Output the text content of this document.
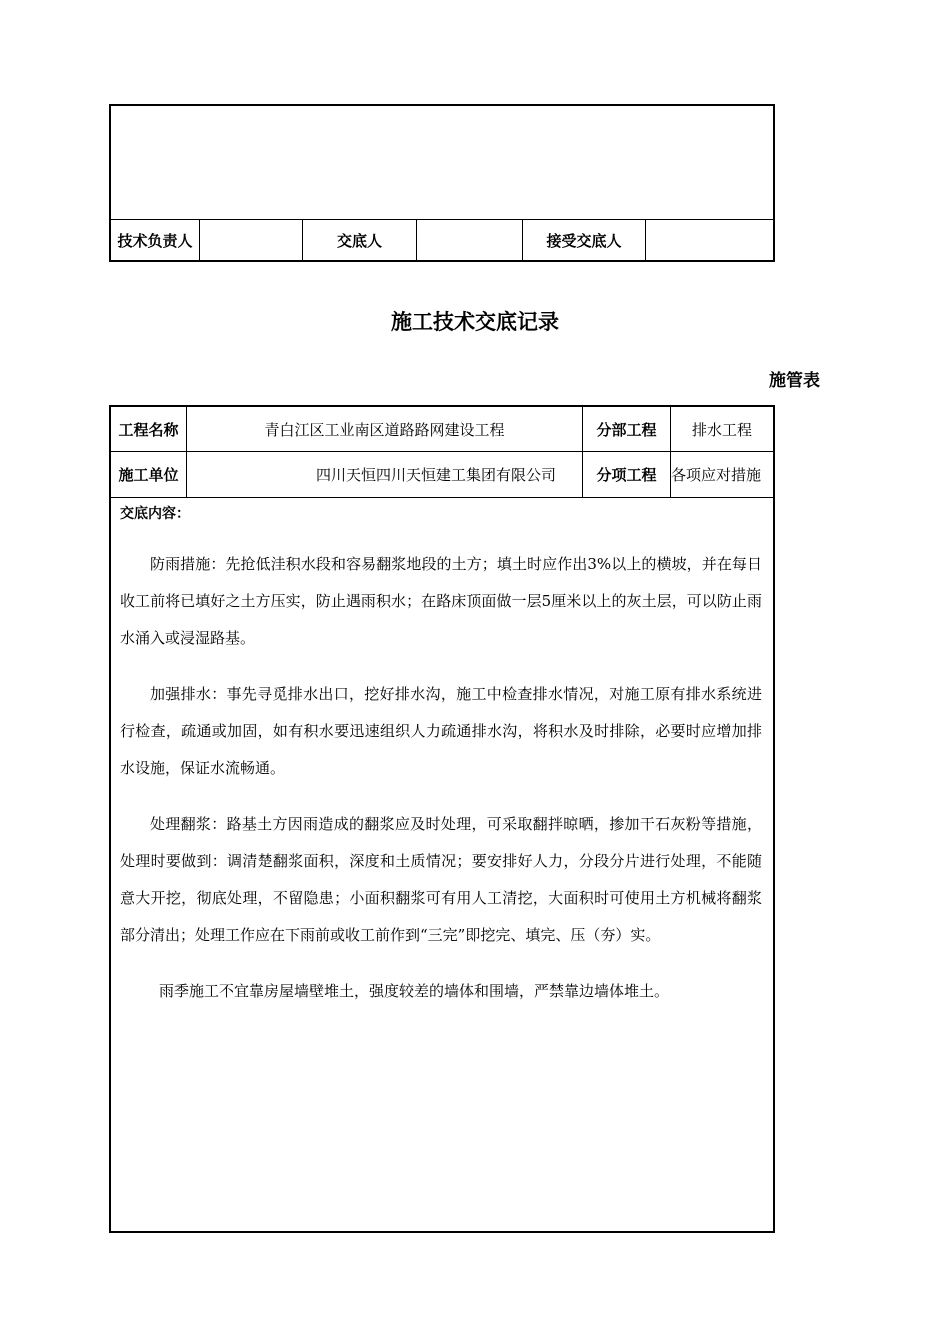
技术负责人	交底人	接受交底人
施工技术交底记录
施管表
工程名称	青白江区工业南区道路路网建设工程	分部工程	排水工程
施工单位	四川天恒四川天恒建工集团有限公司	分项工程 各项应对措施
交底内容：

防雨措施：先抢低洼积水段和容易翻浆地段的土方；填土时应作出3%以上的横坡，并在每日收工前将已填好之土方压实，防止遇雨积水；在路床顶面做一层5厘米以上的灰土层，可以防止雨水涌入或浸湿路基。

加强排水：事先寻觅排水出口，挖好排水沟，施工中检查排水情况，对施工原有排水系统进行检查，疏通或加固，如有积水要迅速组织人力疏通排水沟，将积水及时排除，必要时应增加排水设施，保证水流畅通。

处理翻浆：路基土方因雨造成的翻浆应及时处理，可采取翻拌晾晒，掺加干石灰粉等措施，处理时要做到：调清楚翻浆面积，深度和土质情况；要安排好人力，分段分片进行处理，不能随意大开挖，彻底处理，不留隐患；小面积翻浆可有用人工清挖，大面积时可使用土方机械将翻浆部分清出；处理工作应在下雨前或收工前作到“三完”即挖完、填完、压（夯）实。

雨季施工不宜靠房屋墙壁堆土，强度较差的墙体和围墙，严禁靠边墙体堆土。
